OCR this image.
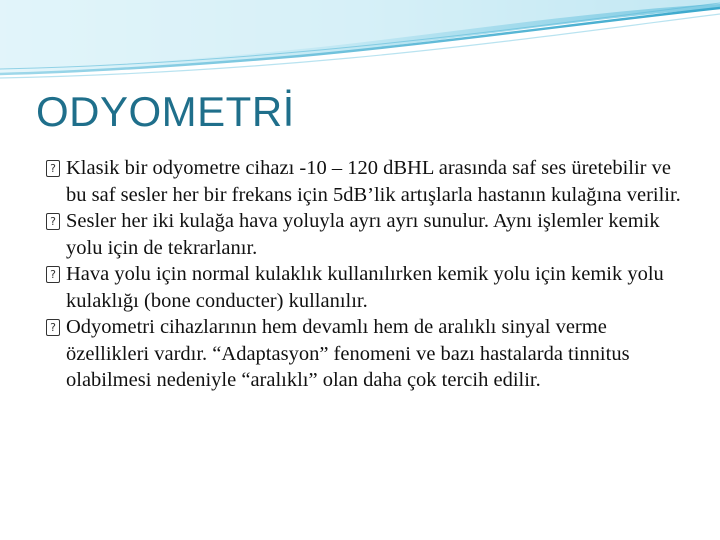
ODYOMETRİ
? Klasik bir odyometre cihazı -10 – 120 dBHL arasında saf ses üretebilir ve bu saf sesler her bir frekans için 5dB’lik artışlarla hastanın kulağına verilir.
? Sesler her iki kulağa hava yoluyla ayrı ayrı sunulur. Aynı işlemler kemik yolu için de tekrarlanır.
? Hava yolu için normal kulaklık kullanılırken kemik yolu için kemik yolu kulaklığı (bone conducter) kullanılır.
? Odyometri cihazlarının hem devamlı hem de aralıklı sinyal verme özellikleri vardır. “Adaptasyon” fenomeni ve bazı hastalarda tinnitus olabilmesi nedeniyle “aralıklı” olan daha çok tercih edilir.
